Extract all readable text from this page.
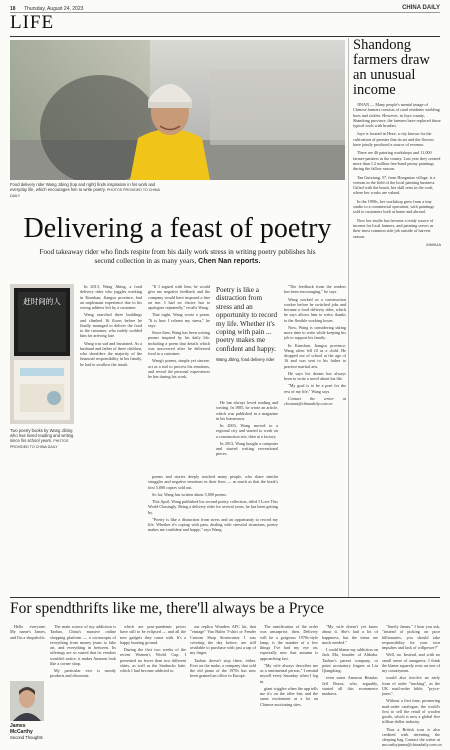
18 Thursday, August 24, 2023	CHINA DAILY
LIFE
Food delivery rider Wang Jibing (top and right) finds inspiration in his work and everyday life, which encourages him to write poetry. PHOTOS PROVIDED TO CHINA DAILY
Shandong farmers draw an unusual income

JINAN — Many people's mental image of Chinese farmers consists of rural residents wielding hoes and sickles. However, in Juye county, Shandong province, the farmers have replaced those typical tools with brushes.

Juye is located in Heze, a city known for the cultivation of peonies that its art and the flowers have jointly produced a source of revenue.

There are 46 painting workshops and 11,000 farmer-painters in the county. Last year they created more than 1.2 million free-hand peony paintings during the fallow season.

Tan Guixiang, 57, from Hongmiao village, is a veteran in the field of the local painting business. Gifted with the brush, her skill rests in the craft, where her works are valued.

In the 1990s, her workshop grew from a tiny studio to a commercial operation, with paintings sold to customers both at home and abroad.

Now her studio has become a ready source of income for local farmers, and painting serves as their most common side job outside of harvest season.

XINHUA
Delivering a feast of poetry
Food takeaway rider who finds respite from his daily work stress in writing poetry publishes his second collection in as many years, Chen Nan reports.
赶时间的人
Two poetry books by Wang Jibing who has loved reading and writing since his school years. PHOTOS PROVIDED TO CHINA DAILY

In 2013, Wang Jibing, a food delivery rider who juggles working in Kunshan, Jiangsu province, had an unpleasant experience due to his wrong address left by a customer.

Wang searched three buildings and climbed 16 floors before he finally managed to deliver the food to the customer, who rudely scolded him for arriving late.

Wang was sad and frustrated. As a husband and father of three children, who shoulders the majority of the financial responsibility in his family, he had to swallow the insult.

"If I argued with him, he would give me negative feedback and the company would have imposed a fine on me. I had no choice but to apologize repeatedly," recalls Wang.

That night, Wang wrote a poem. "It is how I release my stress," he says.

Since then, Wang has been writing poems inspired by his daily life, including a poem that details which was uncovered after he delivered food to a customer.

Wang's poems, simple yet sincere, act as a tool to process his emotions, and reveal the personal experiences he has during his work.

poems and stories deeply touched many people, who share similar struggles and negative emotions in their lives — as much as that the book's first 5,000 copies sold out.

So far, Wang has written about 5,000 poems.

This April, Wang published his second poetry collection, titled I Love This World Chasingly. Being a delivery rider for several years, he has been getting by.

"Poetry is like a distraction from stress and an opportunity to record my life. Whether it's coping with pain, dealing with stressful situations, poetry makes me confident and happy," says Wang.

Poetry is like a distraction from stress and an opportunity to record my life. Whether it's coping with pain ... poetry makes me confident and happy.
Wang Jibing, food delivery rider

He has always loved reading and writing. In 1985, he wrote an article, which was published in a magazine in his hometown.

In 2003, Wang moved to a regional city and started to work on a construction site, then at a factory.

In 2013, Wang bought a computer and started writing recreational pieces.

"The feedback from the readers has been encouraging," he says.

Wang worked as a construction worker before he switched jobs and became a food delivery rider, which he says allows him to write, thanks to the flexible working hours.

Now, Wang is considering taking more time to write while keeping his job to support his family.

In Kunshan, Jiangsu province, Wang often fell ill as a child. He dropped out of school at the age of 16 and was sent to his father to practice martial arts.

He says his dream has always been to write a novel about his life.

"My goal is to be a poet for the rest of my life," Wang says.

Contact the writer at chennan@chinadaily.com.cn

For spendthrifts like me, there'll always be a Pryce

Hello everyone. My name's James, and I'm a shopaholic.

James McCarthy
Second Thoughts

The main source of my addiction is Taobao, China's massive online shopping platform — a cornucopia of everything from money jeans to fake art, and everything in between. Its offerings are so varied that its vendors wouldn't notice, it makes Amazon look like a corner shop.

My particular vice is mostly products and discounts.

which are post-pandemic prices have still to be eclipsed — and all the new gadgets they come with. It's a happy hunting ground.

During the first two weeks of the recent Women's World Cup, I presented no fewer than two different shirts, as well as the Starbucks latte, which I had become addicted to.

out replica Wonders AFC kit, that "vintage" Van Halen T-shirt or Fender Custom Shop Stratocaster I was coveting the day before, are still available to purchase with just a tap of my finger.

Taobao doesn't stop there, either. Ever on the make, a company that sold the old piano of the 1970s has now been granted an office in Europe.

The ramification of the order was unsurprise, then. Delivery will be a gorgeous 1970s-style lamp, is the number of a few things I've had my eye on, especially now that autumn is approaching fast.

"My wife always describes me as a sentimental person," I remind myself every Saturday when I log in.

giant wiggles when the app tells me it's on the offer bin, and the same excitement at a lot on Chinese auctioning sites.

"My wife doesn't yet know about it. She's had a lot of happiness, but the items are much needed."

I could blame my addiction on Jack Ma, founder of Alibaba. Taobao's parent company, or point accusatory fingers at Liu Qiangdong.

even some Amazon Beaulac Jeff Bezos, who, arguably, started all this ecommerce madness.

"Surely James," I hear you ask, "instead of picking on poor billionaires, you should take responsibility for your own impulses and lack of willpower?"

Well, no. Instead, and with no small sense of smugness, I think the blame squarely rests on one of my countrymen.

would also involve an early form of order "tracking", as the UK mail-order bible, "pryce-jones".

Without a first time, pioneering mail-order catalogue, the world's first to sell the retail of woolen goods, which is now a global five trillion-dollar industry.

Thus a British icon is also credited with inventing the sleeping bag. Contact the writer at mccarthyjames@chinadaily.com.cn
